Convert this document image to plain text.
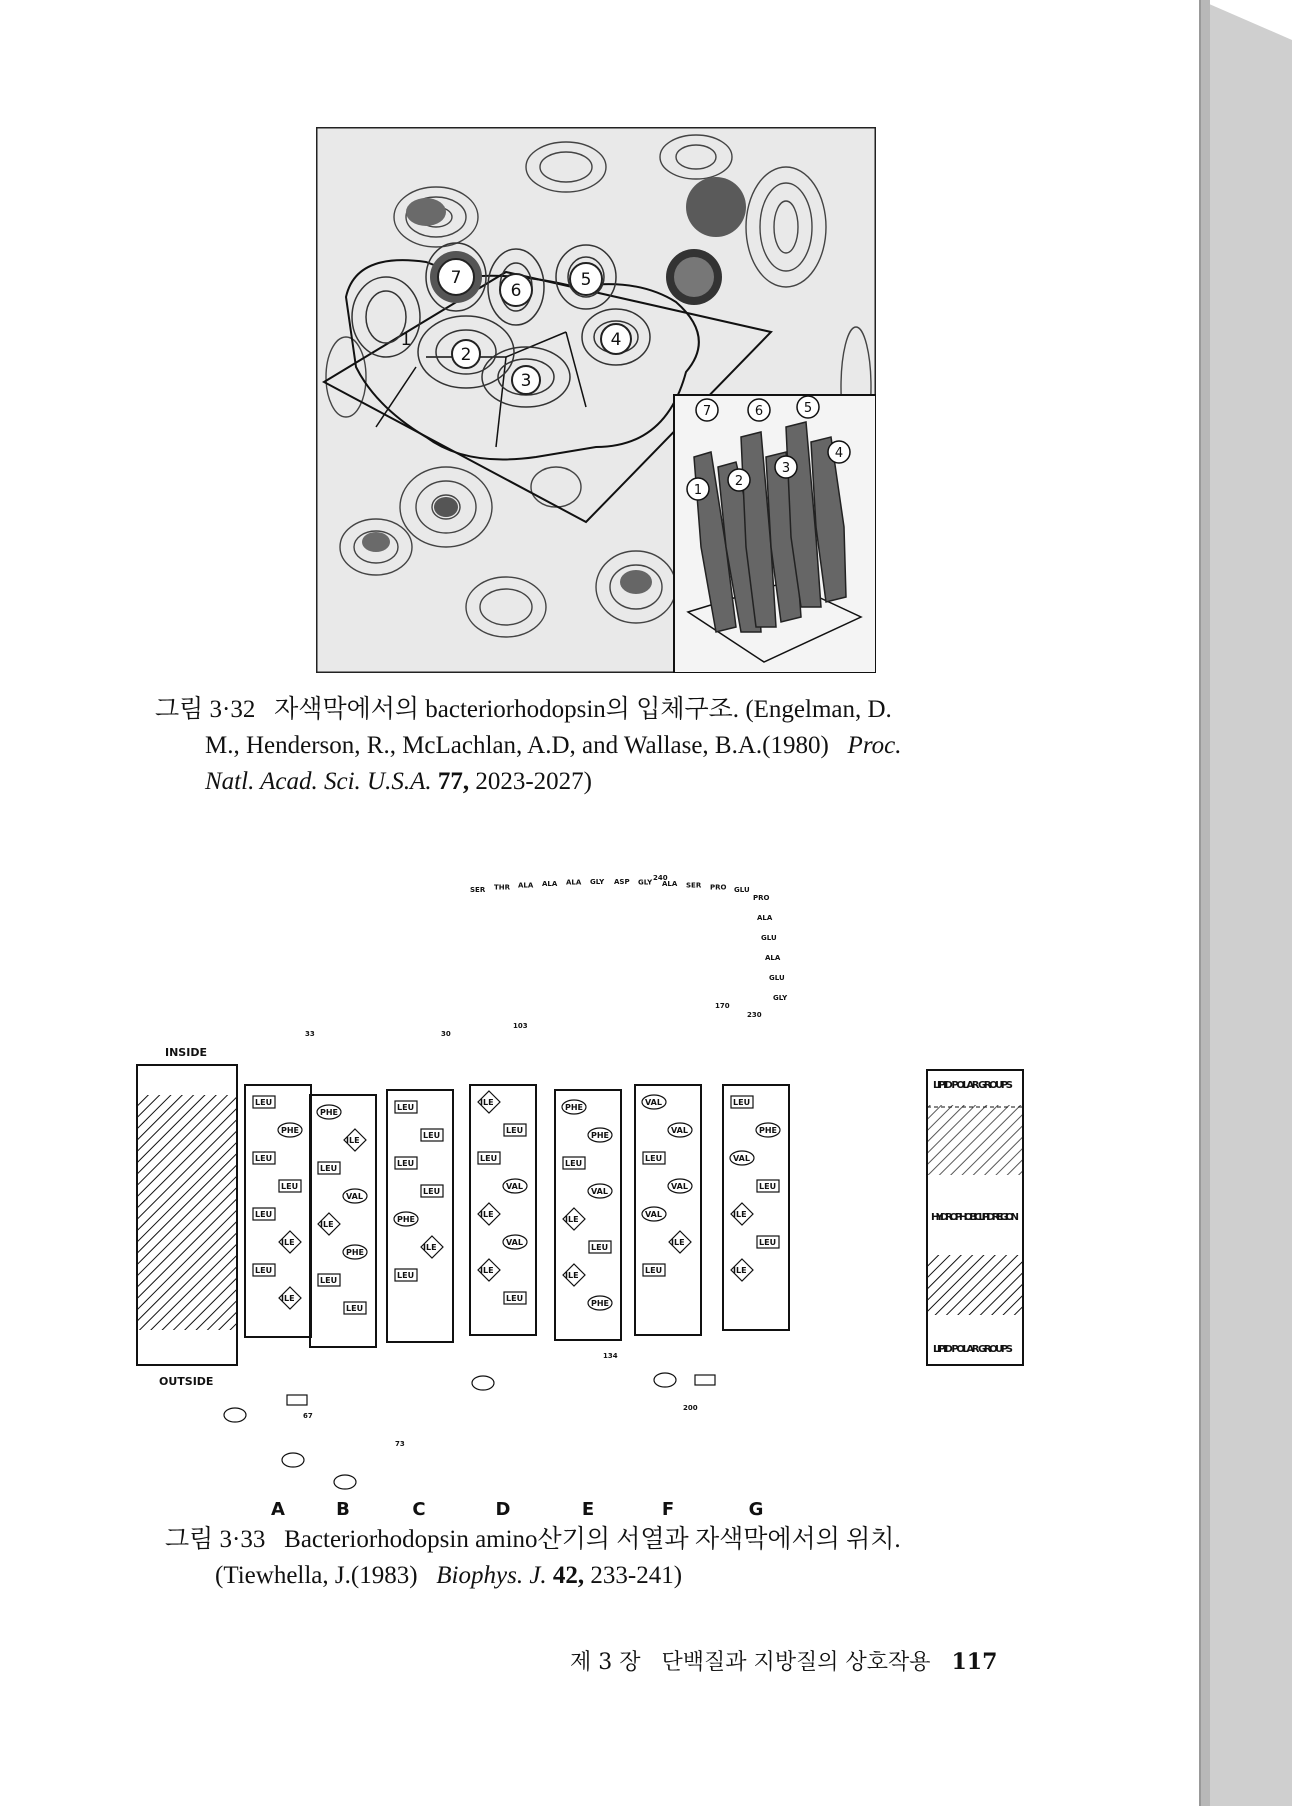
7
6
5
4
2
3
1
1
2
3
4
7	6	5
그림 3·32 자색막에서의 bacteriorhodopsin의 입체구조. (Engelman, D.
M., Henderson, R., McLachlan, A.D, and Wallase, B.A.(1980) Proc.
Natl. Acad. Sci. U.S.A. 77, 2023-2027)
INSIDE
OUTSIDE
LIPID POLAR GROUPS
HYDROPHOBIC LIPID REGION
LIPID POLAR GROUPS
SER THR ALA ALA ALA GLY ASP GLY ALA SER PRO GLU
PRO
ALA
GLU
ALA
GLU
GLY
LEU
PHE
LEU
LEU
LEU
ILE
LEU
ILE
PHE
ILE
LEU
VAL
ILE
PHE
LEU
LEU
LEU
LEU
LEU
LEU
PHE
ILE
LEU
ILE
LEU
LEU
VAL
ILE
VAL
ILE
LEU
PHE
PHE
LEU
VAL
ILE
LEU
ILE
PHE
VAL
VAL
LEU
VAL
VAL
ILE
LEU
LEU
PHE
VAL
LEU
ILE
LEU
ILE
240
103
30
33
230
170
67
73
134
200
A	B	C	D	E	F	G
그림 3·33 Bacteriorhodopsin amino산기의 서열과 자색막에서의 위치.
(Tiewhella, J.(1983) Biophys. J. 42, 233-241)
제 3 장 단백질과 지방질의 상호작용 117
